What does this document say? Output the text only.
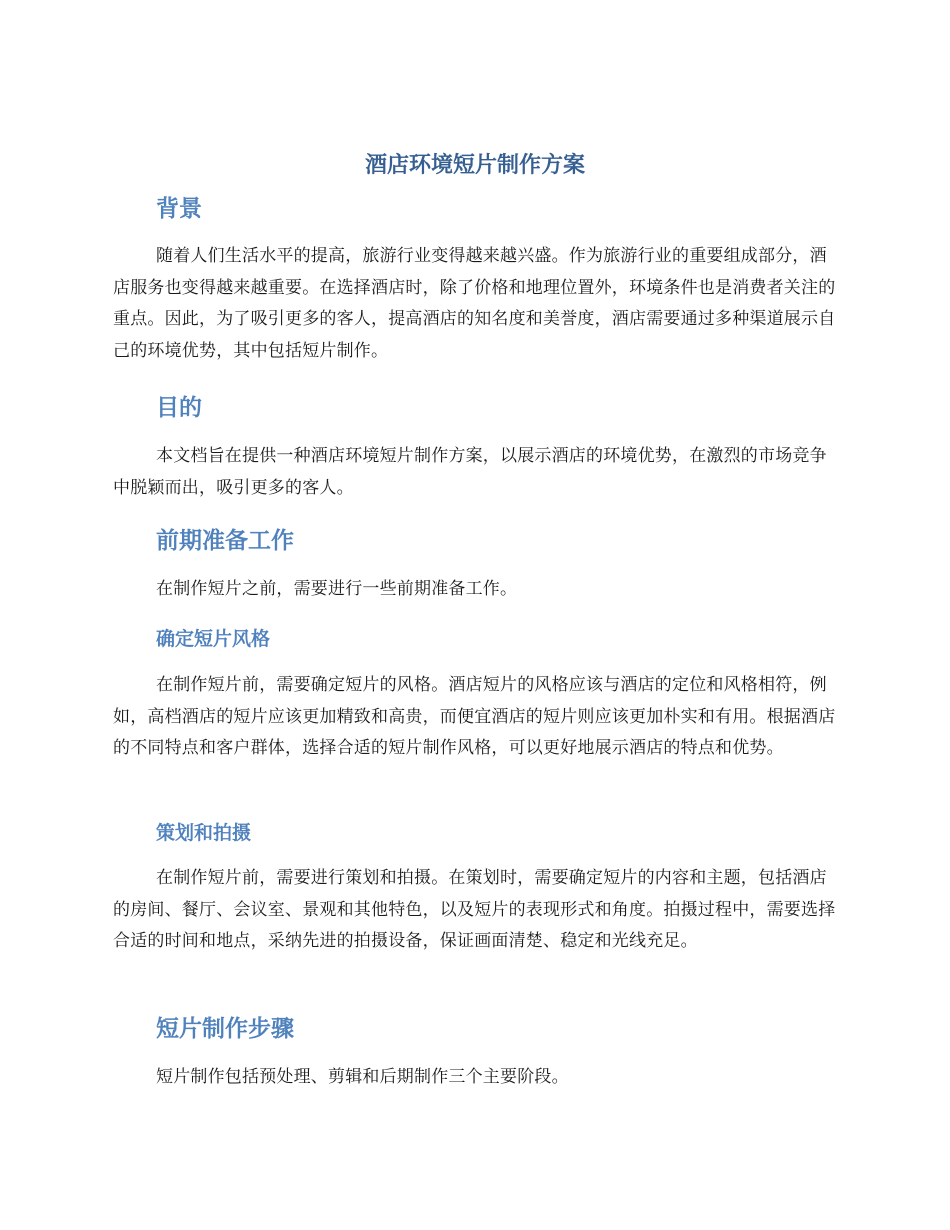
酒店环境短片制作方案
背景

随着人们生活水平的提高，旅游行业变得越来越兴盛。作为旅游行业的重要组成部分，酒店服务也变得越来越重要。在选择酒店时，除了价格和地理位置外，环境条件也是消费者关注的重点。因此，为了吸引更多的客人，提高酒店的知名度和美誉度，酒店需要通过多种渠道展示自己的环境优势，其中包括短片制作。

目的

本文档旨在提供一种酒店环境短片制作方案，以展示酒店的环境优势，在激烈的市场竞争中脱颖而出，吸引更多的客人。

前期准备工作

在制作短片之前，需要进行一些前期准备工作。

确定短片风格

在制作短片前，需要确定短片的风格。酒店短片的风格应该与酒店的定位和风格相符，例如，高档酒店的短片应该更加精致和高贵，而便宜酒店的短片则应该更加朴实和有用。根据酒店的不同特点和客户群体，选择合适的短片制作风格，可以更好地展示酒店的特点和优势。

策划和拍摄

在制作短片前，需要进行策划和拍摄。在策划时，需要确定短片的内容和主题，包括酒店的房间、餐厅、会议室、景观和其他特色，以及短片的表现形式和角度。拍摄过程中，需要选择合适的时间和地点，采纳先进的拍摄设备，保证画面清楚、稳定和光线充足。

短片制作步骤

短片制作包括预处理、剪辑和后期制作三个主要阶段。
